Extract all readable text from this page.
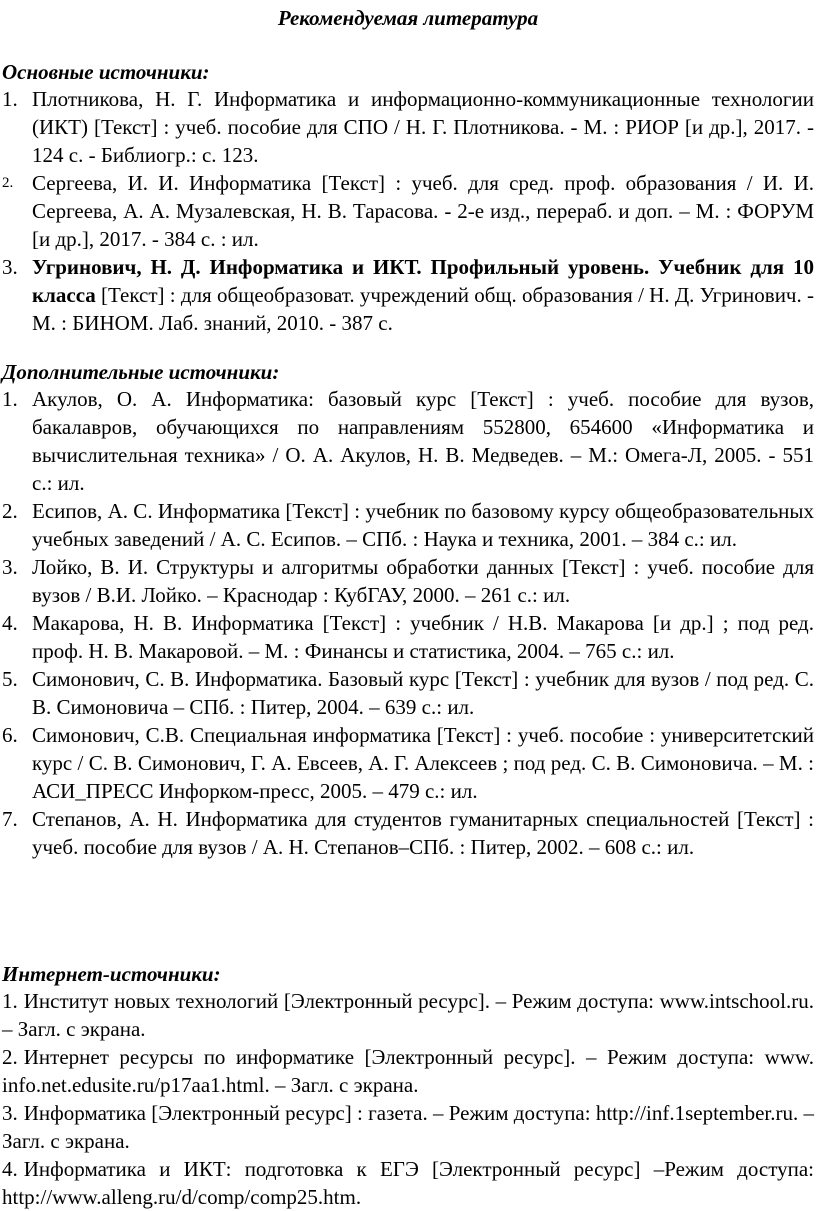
Рекомендуемая литература
Основные источники:
1. Плотникова, Н. Г. Информатика и информационно-коммуникационные технологии (ИКТ) [Текст] : учеб. пособие для СПО / Н. Г. Плотникова. - М. : РИОР [и др.], 2017. - 124 с. - Библиогр.: с. 123.
2. Сергеева, И. И. Информатика [Текст] : учеб. для сред. проф. образования / И. И. Сергеева, А. А. Музалевская, Н. В. Тарасова. - 2-е изд., перераб. и доп. – М. : ФОРУМ [и др.], 2017. - 384 с. : ил.
3. Угринович, Н. Д. Информатика и ИКТ. Профильный уровень. Учебник для 10 класса [Текст] : для общеобразоват. учреждений общ. образования / Н. Д. Угринович. - М. : БИНОМ. Лаб. знаний, 2010. - 387 с.
Дополнительные источники:
1. Акулов, О. А. Информатика: базовый курс [Текст] : учеб. пособие для вузов, бакалавров, обучающихся по направлениям 552800, 654600 «Информатика и вычислительная техника» / О. А. Акулов, Н. В. Медведев. – М.: Омега-Л, 2005. - 551 с.: ил.
2. Есипов, А. С. Информатика [Текст] : учебник по базовому курсу общеобразовательных учебных заведений / А. С. Есипов. – СПб. : Наука и техника, 2001. – 384 с.: ил.
3. Лойко, В. И. Структуры и алгоритмы обработки данных [Текст] : учеб. пособие для вузов / В.И. Лойко. – Краснодар : КубГАУ, 2000. – 261 с.: ил.
4. Макарова, Н. В. Информатика [Текст] : учебник / Н.В. Макарова [и др.] ; под ред. проф. Н. В. Макаровой. – М. : Финансы и статистика, 2004. – 765 с.: ил.
5. Симонович, С. В. Информатика. Базовый курс [Текст] : учебник для вузов / под ред. С. В. Симоновича – СПб. : Питер, 2004. – 639 с.: ил.
6. Симонович, С.В. Специальная информатика [Текст] : учеб. пособие : университетский курс / С. В. Симонович, Г. А. Евсеев, А. Г. Алексеев ; под ред. С. В. Симоновича. – М. : АСИ_ПРЕСС Инфорком-пресс, 2005. – 479 с.: ил.
7. Степанов, А. Н. Информатика для студентов гуманитарных специальностей [Текст] : учеб. пособие для вузов / А. Н. Степанов–СПб. : Питер, 2002. – 608 с.: ил.
Интернет-источники:
1. Институт новых технологий [Электронный ресурс]. – Режим доступа: www.intschool.ru. – Загл. с экрана.
2. Интернет ресурсы по информатике [Электронный ресурс]. – Режим доступа: www. info.net.edusite.ru/p17aa1.html. – Загл. с экрана.
3. Информатика [Электронный ресурс] : газета. – Режим доступа: http://inf.1september.ru. – Загл. с экрана.
4. Информатика и ИКТ: подготовка к ЕГЭ [Электронный ресурс] –Режим доступа: http://www.alleng.ru/d/comp/comp25.htm.
